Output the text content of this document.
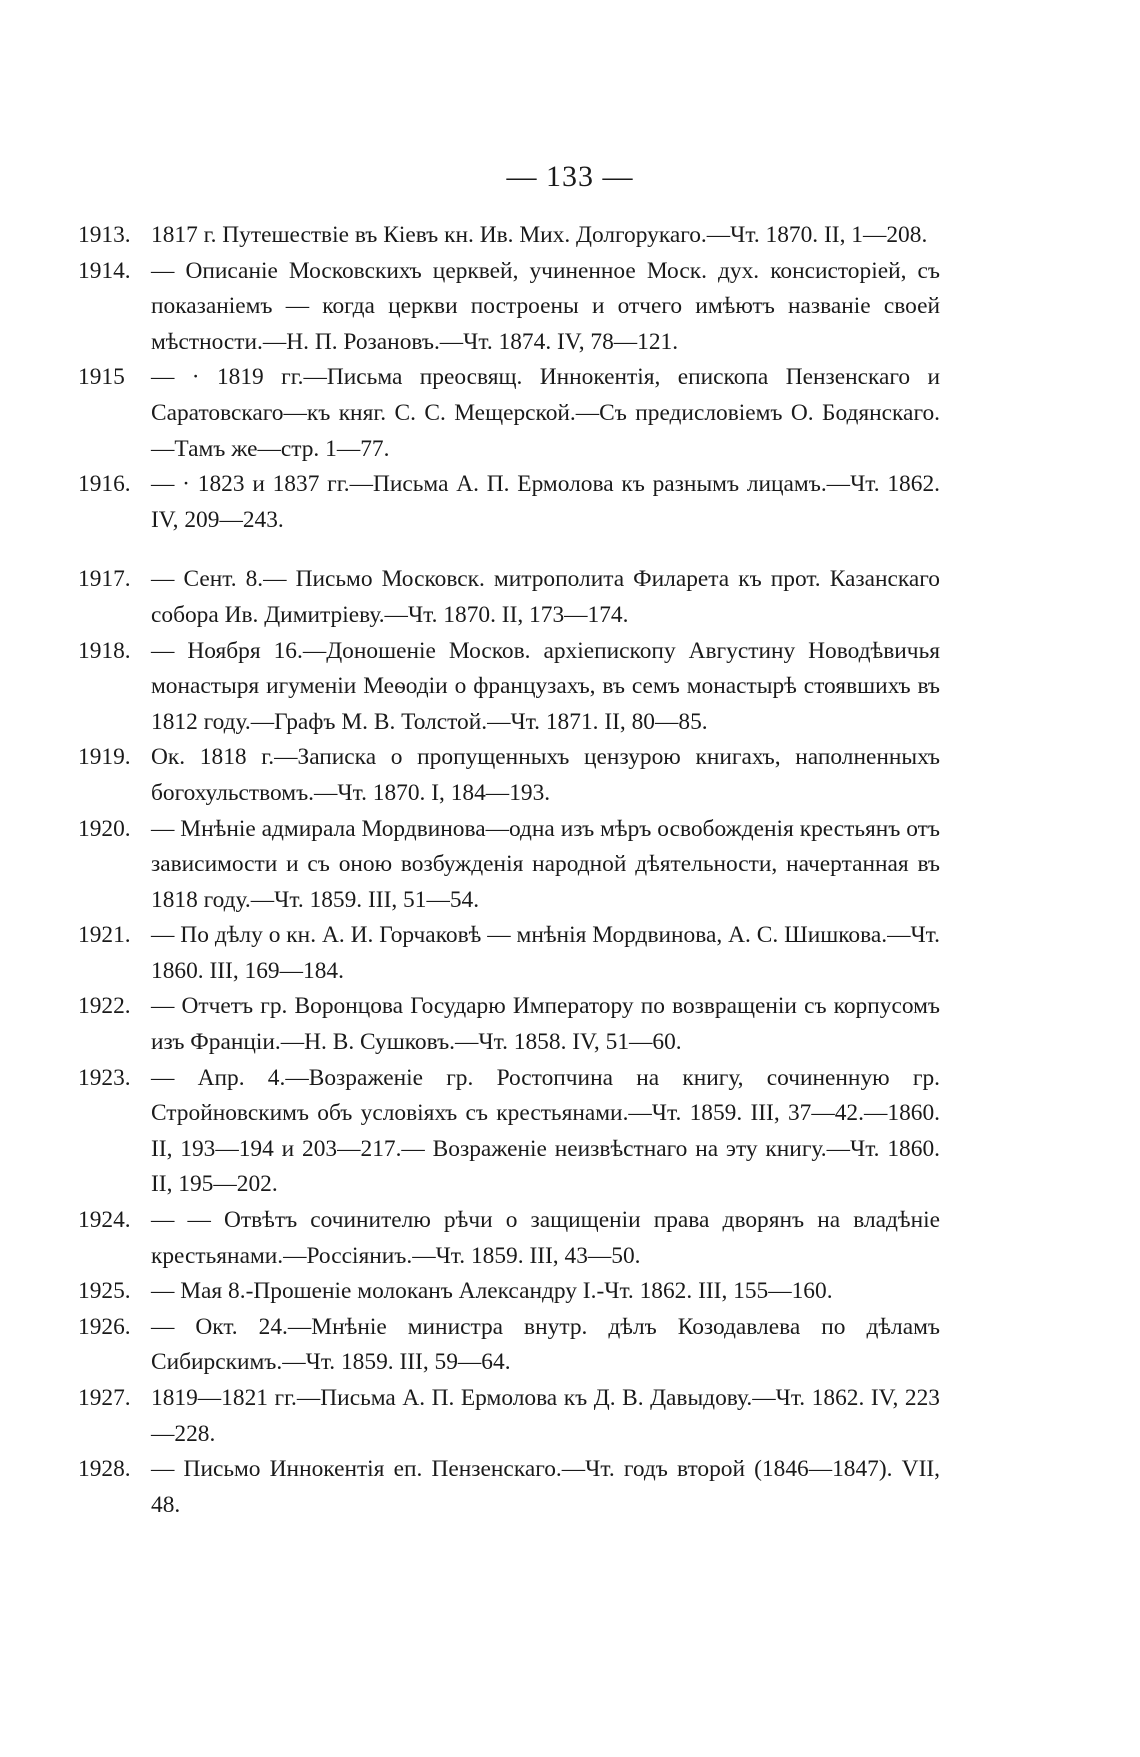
— 133 —
1913. 1817 г. Путешествіе въ Кіевъ кн. Ив. Мих. Долгорукаго.—Чт. 1870. II, 1—208.
1914. — Описаніе Московскихъ церквей, учиненное Моск. дух. консисторіей, съ показаніемъ — когда церкви построены и отчего имѣютъ названіе своей мѣстности.—Н. П. Розановъ.—Чт. 1874. IV, 78—121.
1915	— · 1819 гг.—Письма преосвящ. Иннокентія, епископа Пензенскаго и Саратовскаго—къ княг. С. С. Мещерской.—Съ предисловіемъ О. Бодянскаго.—Тамъ же—стр. 1—77.
1916. — · 1823 и 1837 гг.—Письма А. П. Ермолова къ разнымъ лицамъ.—Чт. 1862. IV, 209—243.
1917. — Сент. 8.— Письмо Московск. митрополита Филарета къ прот. Казанскаго собора Ив. Димитріеву.—Чт. 1870. II, 173—174.
1918. — Ноября 16.—Доношеніе Москов. архіепископу Августину Новодѣвичья монастыря игуменіи Меѳодіи о французахъ, въ семъ монастырѣ стоявшихъ въ 1812 году.—Графъ М. В. Толстой.—Чт. 1871. II, 80—85.
1919. Ок. 1818 г.—Записка о пропущенныхъ цензурою книгахъ, наполненныхъ богохульствомъ.—Чт. 1870. I, 184—193.
1920. — Мнѣніе адмирала Мордвинова—одна изъ мѣръ освобожденія крестьянъ отъ зависимости и съ оною возбужденія народной дѣятельности, начертанная въ 1818 году.—Чт. 1859. III, 51—54.
1921. — По дѣлу о кн. А. И. Горчаковѣ — мнѣнія Мордвинова, А. С. Шишкова.—Чт. 1860. III, 169—184.
1922. — Отчетъ гр. Воронцова Государю Императору по возвращеніи съ корпусомъ изъ Франціи.—Н. В. Сушковъ.—Чт. 1858. IV, 51—60.
1923. — Апр. 4.—Возраженіе гр. Ростопчина на книгу, сочиненную гр. Стройновскимъ объ условіяхъ съ крестьянами.—Чт. 1859. III, 37—42.—1860. II, 193—194 и 203—217.— Возраженіе неизвѣстнаго на эту книгу.—Чт. 1860. II, 195—202.
1924. — — Отвѣтъ сочинителю рѣчи о защищеніи права дворянъ на владѣніе крестьянами.—Россіяниъ.—Чт. 1859. III, 43—50.
1925. — Мая 8.-Прошеніе молоканъ Александру I.-Чт. 1862. III, 155—160.
1926. — Окт. 24.—Мнѣніе министра внутр. дѣлъ Козодавлева по дѣламъ Сибирскимъ.—Чт. 1859. III, 59—64.
1927. 1819—1821 гг.—Письма А. П. Ермолова къ Д. В. Давыдову.—Чт. 1862. IV, 223—228.
1928. — Письмо Иннокентія еп. Пензенскаго.—Чт. годъ второй (1846—1847). VII, 48.
